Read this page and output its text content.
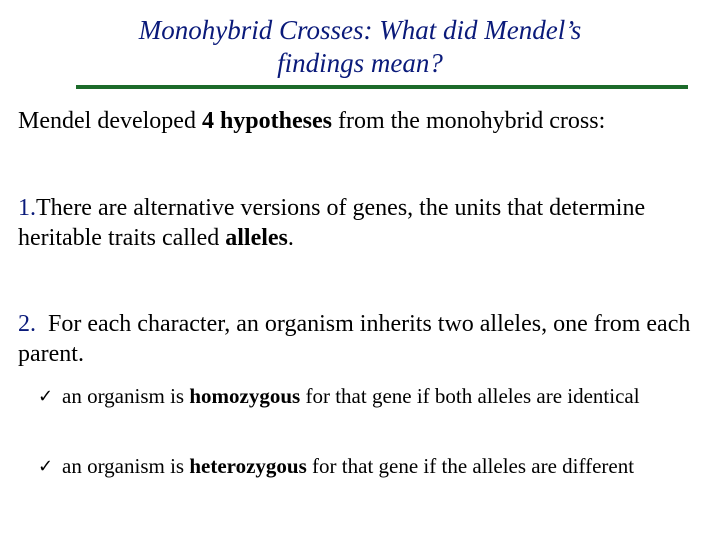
Monohybrid Crosses: What did Mendel’s
findings mean?
Mendel developed 4 hypotheses from the monohybrid cross:
1.There are alternative versions of genes, the units that determine heritable traits called alleles.
2.  For each character, an organism inherits two alleles, one from each parent.
✓ an organism is homozygous for that gene if both alleles are identical
✓ an organism is heterozygous for that gene if the alleles are different
